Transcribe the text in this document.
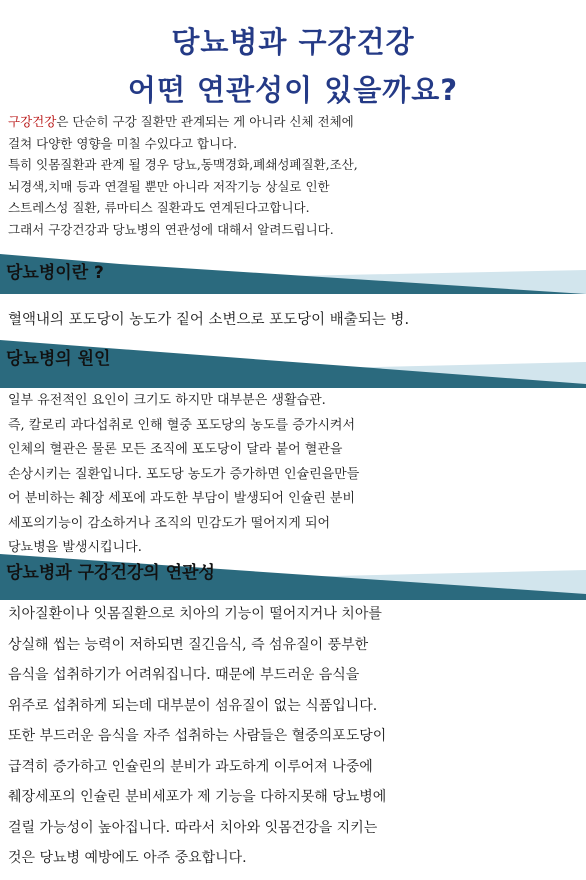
당뇨병과 구강건강
어떤 연관성이 있을까요?
구강건강은 단순히 구강 질환만 관계되는 게 아니라 신체 전체에
걸쳐 다양한 영향을 미칠 수있다고 합니다.
특히 잇몸질환과 관계 될 경우 당뇨,동맥경화,폐쇄성폐질환,조산,
뇌경색,치매 등과 연결될 뿐만 아니라 저작기능 상실로 인한
스트레스성 질환, 류마티스 질환과도 연계된다고합니다.
그래서 구강건강과 당뇨병의 연관성에 대해서 알려드립니다.
당뇨병이란 ?
혈액내의 포도당이 농도가 짙어 소변으로 포도당이 배출되는 병.
당뇨병의 원인
일부 유전적인 요인이 크기도 하지만 대부분은 생활습관.
즉, 칼로리 과다섭취로 인해 혈중 포도당의 농도를 증가시켜서
인체의 혈관은 물론 모든 조직에 포도당이 달라 붙어 혈관을
손상시키는 질환입니다. 포도당 농도가 증가하면 인슐린을만들
어 분비하는 췌장 세포에 과도한 부담이 발생되어 인슐린 분비
세포의기능이 감소하거나 조직의 민감도가 떨어지게 되어
당뇨병을 발생시킵니다.
당뇨병과 구강건강의 연관성
치아질환이나 잇몸질환으로 치아의 기능이 떨어지거나 치아를
상실해 씹는 능력이 저하되면 질긴음식, 즉 섬유질이 풍부한
음식을 섭취하기가 어려워집니다. 때문에 부드러운 음식을
위주로 섭취하게 되는데 대부분이 섬유질이 없는 식품입니다.
또한 부드러운 음식을 자주 섭취하는 사람들은 혈중의포도당이
급격히 증가하고 인슐린의 분비가 과도하게 이루어져 나중에
췌장세포의 인슐린 분비세포가 제 기능을 다하지못해 당뇨병에
걸릴 가능성이 높아집니다. 따라서 치아와 잇몸건강을 지키는
것은 당뇨병 예방에도 아주 중요합니다.
